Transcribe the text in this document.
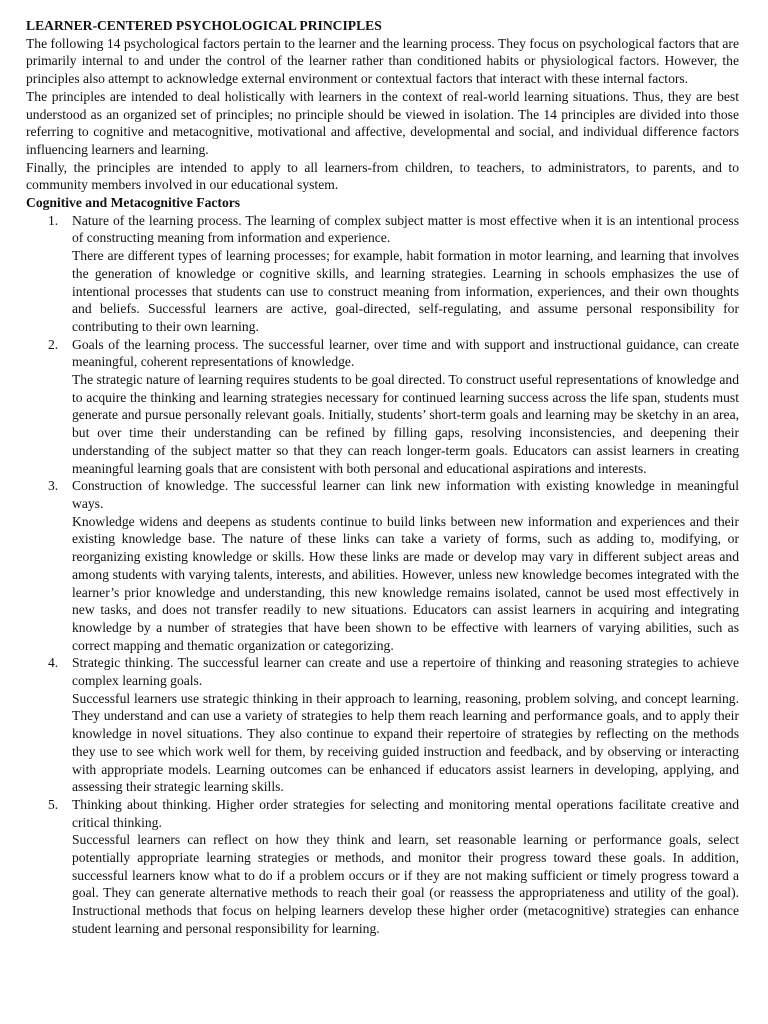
LEARNER-CENTERED PSYCHOLOGICAL PRINCIPLES

The following 14 psychological factors pertain to the learner and the learning process. They focus on psychological factors that are primarily internal to and under the control of the learner rather than conditioned habits or physiological factors. However, the principles also attempt to acknowledge external environment or contextual factors that interact with these internal factors.

The principles are intended to deal holistically with learners in the context of real-world learning situations. Thus, they are best understood as an organized set of principles; no principle should be viewed in isolation. The 14 principles are divided into those referring to cognitive and metacognitive, motivational and affective, developmental and social, and individual difference factors influencing learners and learning.

Finally, the principles are intended to apply to all learners-from children, to teachers, to administrators, to parents, and to community members involved in our educational system.

Cognitive and Metacognitive Factors
1. Nature of the learning process. The learning of complex subject matter is most effective when it is an intentional process of constructing meaning from information and experience.

There are different types of learning processes; for example, habit formation in motor learning, and learning that involves the generation of knowledge or cognitive skills, and learning strategies. Learning in schools emphasizes the use of intentional processes that students can use to construct meaning from information, experiences, and their own thoughts and beliefs. Successful learners are active, goal-directed, self-regulating, and assume personal responsibility for contributing to their own learning.

2. Goals of the learning process. The successful learner, over time and with support and instructional guidance, can create meaningful, coherent representations of knowledge.

The strategic nature of learning requires students to be goal directed. To construct useful representations of knowledge and to acquire the thinking and learning strategies necessary for continued learning success across the life span, students must generate and pursue personally relevant goals. Initially, students’ short-term goals and learning may be sketchy in an area, but over time their understanding can be refined by filling gaps, resolving inconsistencies, and deepening their understanding of the subject matter so that they can reach longer-term goals. Educators can assist learners in creating meaningful learning goals that are consistent with both personal and educational aspirations and interests.

3. Construction of knowledge. The successful learner can link new information with existing knowledge in meaningful ways.

Knowledge widens and deepens as students continue to build links between new information and experiences and their existing knowledge base. The nature of these links can take a variety of forms, such as adding to, modifying, or reorganizing existing knowledge or skills. How these links are made or develop may vary in different subject areas and among students with varying talents, interests, and abilities. However, unless new knowledge becomes integrated with the learner’s prior knowledge and understanding, this new knowledge remains isolated, cannot be used most effectively in new tasks, and does not transfer readily to new situations. Educators can assist learners in acquiring and integrating knowledge by a number of strategies that have been shown to be effective with learners of varying abilities, such as correct mapping and thematic organization or categorizing.

4. Strategic thinking. The successful learner can create and use a repertoire of thinking and reasoning strategies to achieve complex learning goals.

Successful learners use strategic thinking in their approach to learning, reasoning, problem solving, and concept learning. They understand and can use a variety of strategies to help them reach learning and performance goals, and to apply their knowledge in novel situations. They also continue to expand their repertoire of strategies by reflecting on the methods they use to see which work well for them, by receiving guided instruction and feedback, and by observing or interacting with appropriate models. Learning outcomes can be enhanced if educators assist learners in developing, applying, and assessing their strategic learning skills.

5. Thinking about thinking. Higher order strategies for selecting and monitoring mental operations facilitate creative and critical thinking.

Successful learners can reflect on how they think and learn, set reasonable learning or performance goals, select potentially appropriate learning strategies or methods, and monitor their progress toward these goals. In addition, successful learners know what to do if a problem occurs or if they are not making sufficient or timely progress toward a goal. They can generate alternative methods to reach their goal (or reassess the appropriateness and utility of the goal). Instructional methods that focus on helping learners develop these higher order (metacognitive) strategies can enhance student learning and personal responsibility for learning.
